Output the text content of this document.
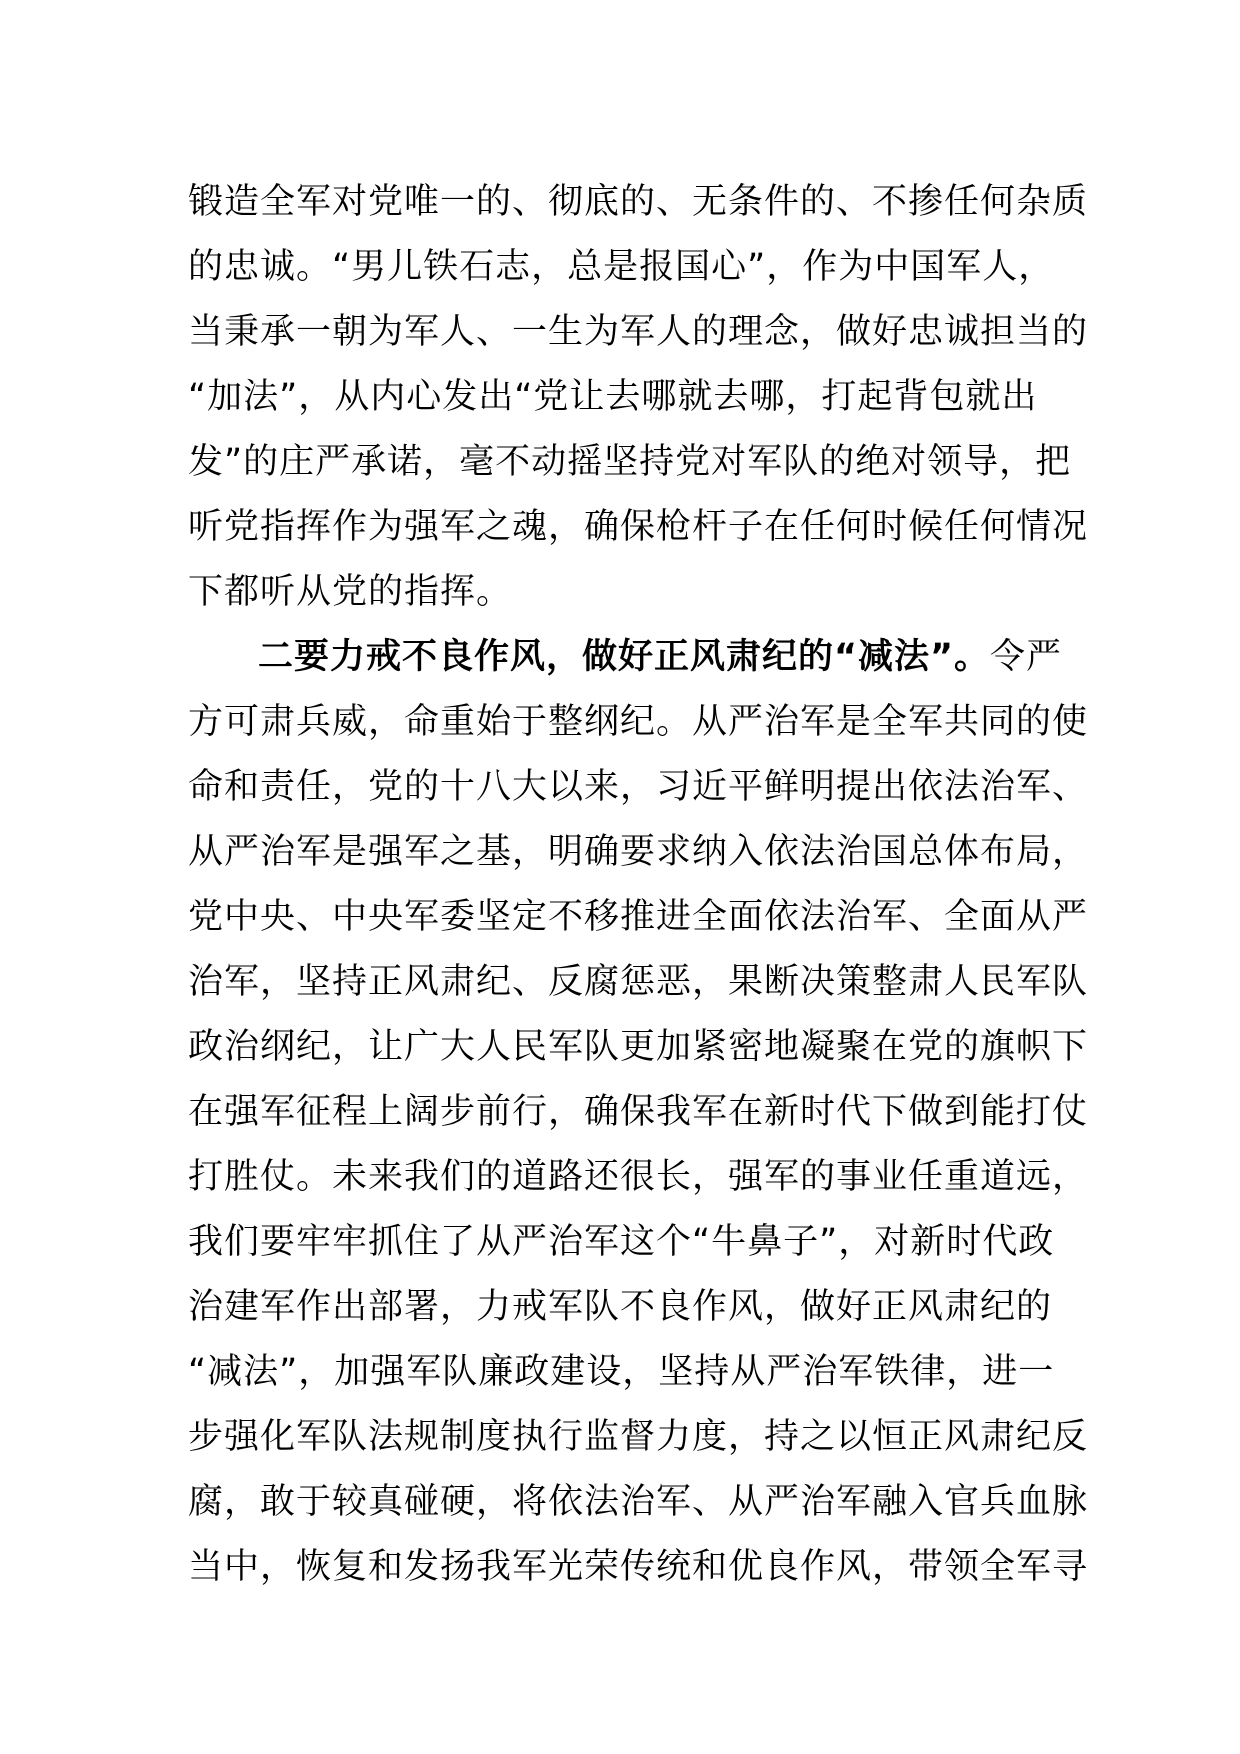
锻造全军对党唯一的、彻底的、无条件的、不掺任何杂质
的忠诚。“男儿铁石志，总是报国心”，作为中国军人，
当秉承一朝为军人、一生为军人的理念，做好忠诚担当的
“加法”，从内心发出“党让去哪就去哪，打起背包就出
发”的庄严承诺，毫不动摇坚持党对军队的绝对领导，把
听党指挥作为强军之魂，确保枪杆子在任何时候任何情况
下都听从党的指挥。
二要力戒不良作风，做好正风肃纪的“减法”。令严
方可肃兵威，命重始于整纲纪。从严治军是全军共同的使
命和责任，党的十八大以来，习近平鲜明提出依法治军、
从严治军是强军之基，明确要求纳入依法治国总体布局，
党中央、中央军委坚定不移推进全面依法治军、全面从严
治军，坚持正风肃纪、反腐惩恶，果断决策整肃人民军队
政治纲纪，让广大人民军队更加紧密地凝聚在党的旗帜下
在强军征程上阔步前行，确保我军在新时代下做到能打仗
打胜仗。未来我们的道路还很长，强军的事业任重道远，
我们要牢牢抓住了从严治军这个“牛鼻子”，对新时代政
治建军作出部署，力戒军队不良作风，做好正风肃纪的
“减法”，加强军队廉政建设，坚持从严治军铁律，进一
步强化军队法规制度执行监督力度，持之以恒正风肃纪反
腐，敢于较真碰硬，将依法治军、从严治军融入官兵血脉
当中，恢复和发扬我军光荣传统和优良作风，带领全军寻
